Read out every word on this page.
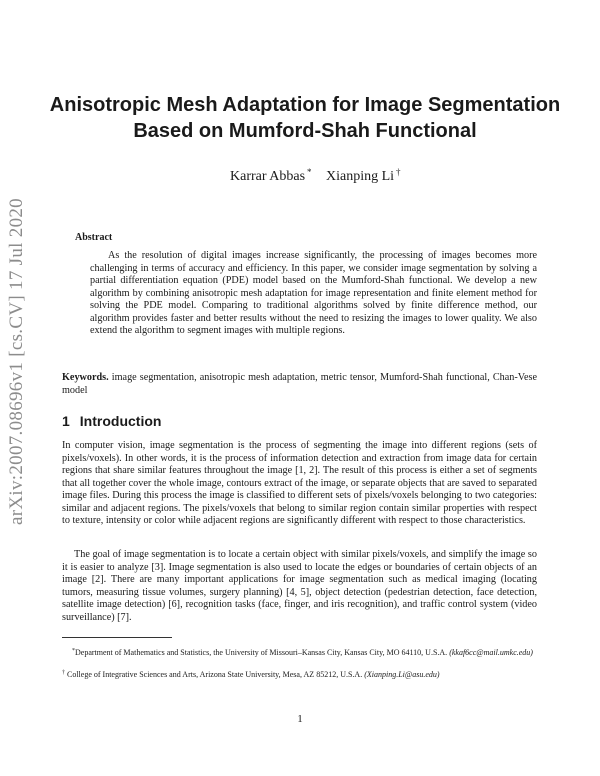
arXiv:2007.08696v1 [cs.CV] 17 Jul 2020
Anisotropic Mesh Adaptation for Image Segmentation Based on Mumford-Shah Functional
Karrar Abbas * Xianping Li †
Abstract

As the resolution of digital images increase significantly, the processing of images becomes more challenging in terms of accuracy and efficiency. In this paper, we consider image segmentation by solving a partial differentiation equation (PDE) model based on the Mumford-Shah functional. We develop a new algorithm by combining anisotropic mesh adaptation for image representation and finite element method for solving the PDE model. Comparing to traditional algorithms solved by finite difference method, our algorithm provides faster and better results without the need to resizing the images to lower quality. We also extend the algorithm to segment images with multiple regions.

Keywords. image segmentation, anisotropic mesh adaptation, metric tensor, Mumford-Shah functional, Chan-Vese model

1 Introduction

In computer vision, image segmentation is the process of segmenting the image into different regions (sets of pixels/voxels). In other words, it is the process of information detection and extraction from image data for certain regions that share similar features throughout the image [1, 2]. The result of this process is either a set of segments that all together cover the whole image, contours extract of the image, or separate objects that are saved to separated image files. During this process the image is classified to different sets of pixels/voxels belonging to two categories: similar and adjacent regions. The pixels/voxels that belong to similar region contain similar properties with respect to texture, intensity or color while adjacent regions are significantly different with respect to those characteristics.

The goal of image segmentation is to locate a certain object with similar pixels/voxels, and simplify the image so it is easier to analyze [3]. Image segmentation is also used to locate the edges or boundaries of certain objects of an image [2]. There are many important applications for image segmentation such as medical imaging (locating tumors, measuring tissue volumes, surgery planning) [4, 5], object detection (pedestrian detection, face detection, satellite image detection) [6], recognition tasks (face, finger, and iris recognition), and traffic control system (video surveillance) [7].

*Department of Mathematics and Statistics, the University of Missouri–Kansas City, Kansas City, MO 64110, U.S.A. (kkaf6cc@mail.umkc.edu)

† College of Integrative Sciences and Arts, Arizona State University, Mesa, AZ 85212, U.S.A. (Xianping.Li@asu.edu)

1
